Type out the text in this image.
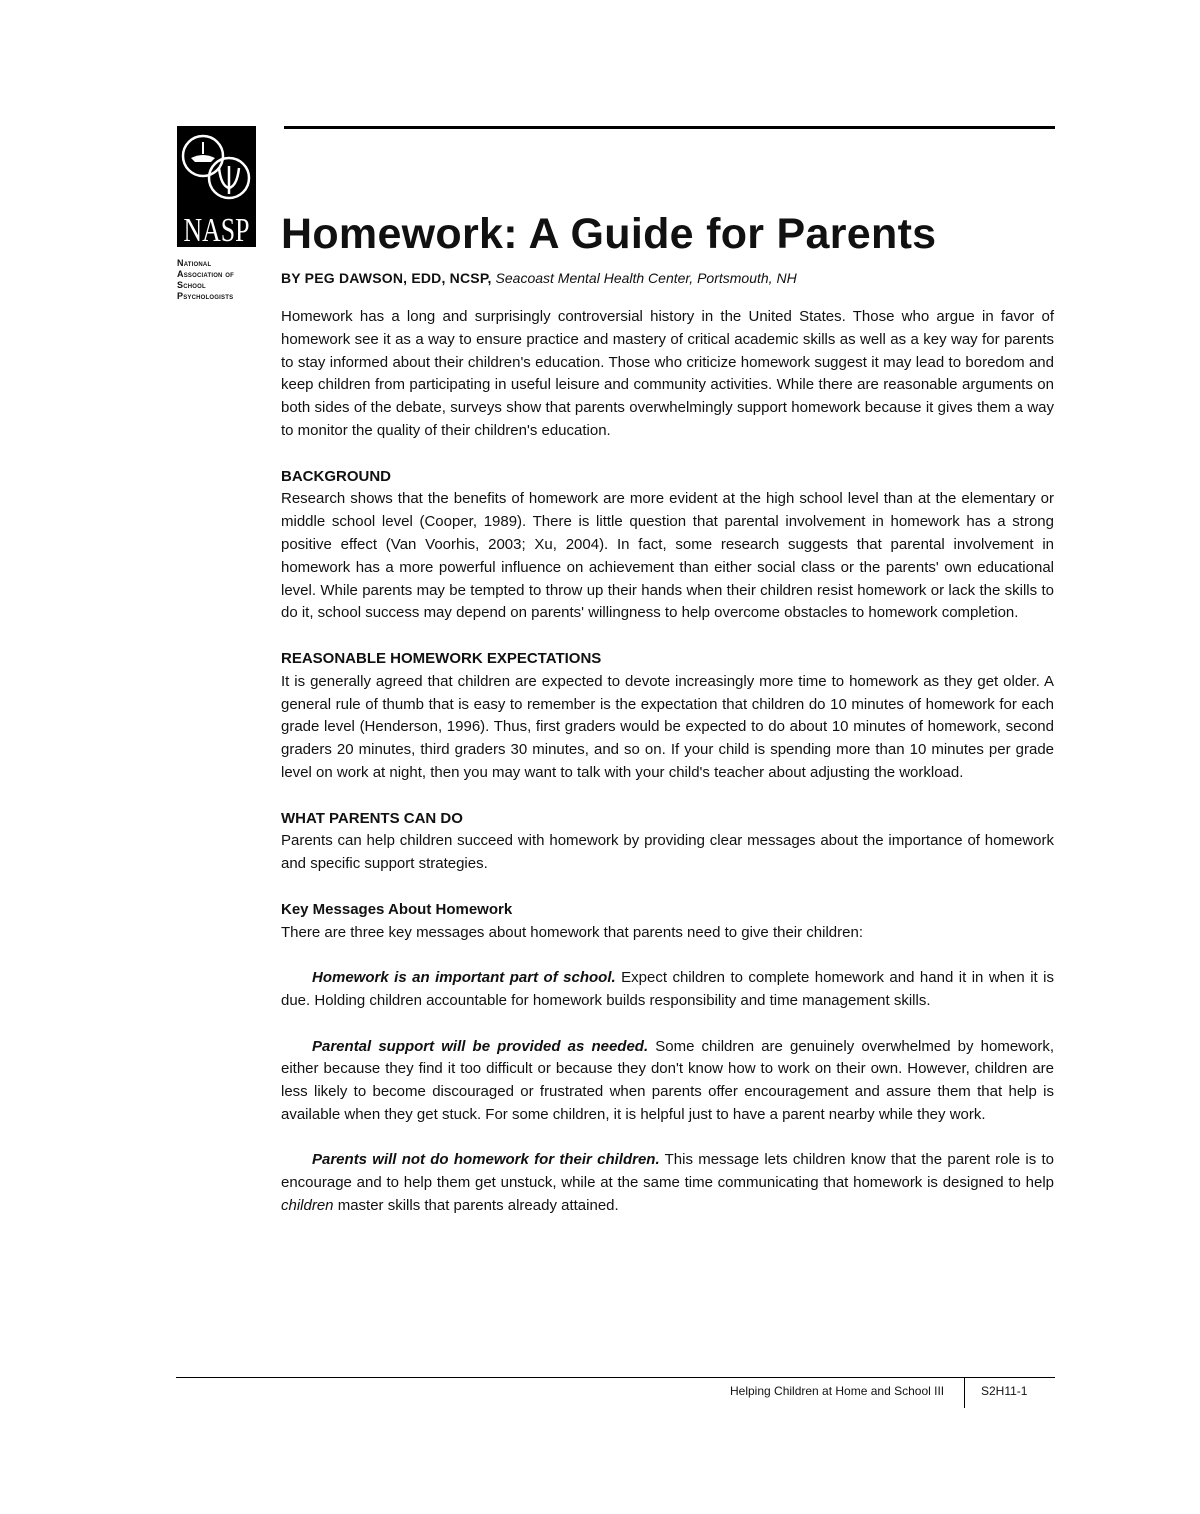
NASP
National
Association of
School
Psychologists
Homework: A Guide for Parents
BY PEG DAWSON, EDD, NCSP, Seacoast Mental Health Center, Portsmouth, NH

Homework has a long and surprisingly controversial history in the United States. Those who argue in favor of homework see it as a way to ensure practice and mastery of critical academic skills as well as a key way for parents to stay informed about their children's education. Those who criticize homework suggest it may lead to boredom and keep children from participating in useful leisure and community activities. While there are reasonable arguments on both sides of the debate, surveys show that parents overwhelmingly support homework because it gives them a way to monitor the quality of their children's education.

BACKGROUND

Research shows that the benefits of homework are more evident at the high school level than at the elementary or middle school level (Cooper, 1989). There is little question that parental involvement in homework has a strong positive effect (Van Voorhis, 2003; Xu, 2004). In fact, some research suggests that parental involvement in homework has a more powerful influence on achievement than either social class or the parents' own educational level. While parents may be tempted to throw up their hands when their children resist homework or lack the skills to do it, school success may depend on parents' willingness to help overcome obstacles to homework completion.

REASONABLE HOMEWORK EXPECTATIONS

It is generally agreed that children are expected to devote increasingly more time to homework as they get older. A general rule of thumb that is easy to remember is the expectation that children do 10 minutes of homework for each grade level (Henderson, 1996). Thus, first graders would be expected to do about 10 minutes of homework, second graders 20 minutes, third graders 30 minutes, and so on. If your child is spending more than 10 minutes per grade level on work at night, then you may want to talk with your child's teacher about adjusting the workload.

WHAT PARENTS CAN DO

Parents can help children succeed with homework by providing clear messages about the importance of homework and specific support strategies.

Key Messages About Homework

There are three key messages about homework that parents need to give their children:

Homework is an important part of school. Expect children to complete homework and hand it in when it is due. Holding children accountable for homework builds responsibility and time management skills.

Parental support will be provided as needed. Some children are genuinely overwhelmed by homework, either because they find it too difficult or because they don't know how to work on their own. However, children are less likely to become discouraged or frustrated when parents offer encouragement and assure them that help is available when they get stuck. For some children, it is helpful just to have a parent nearby while they work.

Parents will not do homework for their children. This message lets children know that the parent role is to encourage and to help them get unstuck, while at the same time communicating that homework is designed to help children master skills that parents already attained.

Helping Children at Home and School III	S2H11-1
